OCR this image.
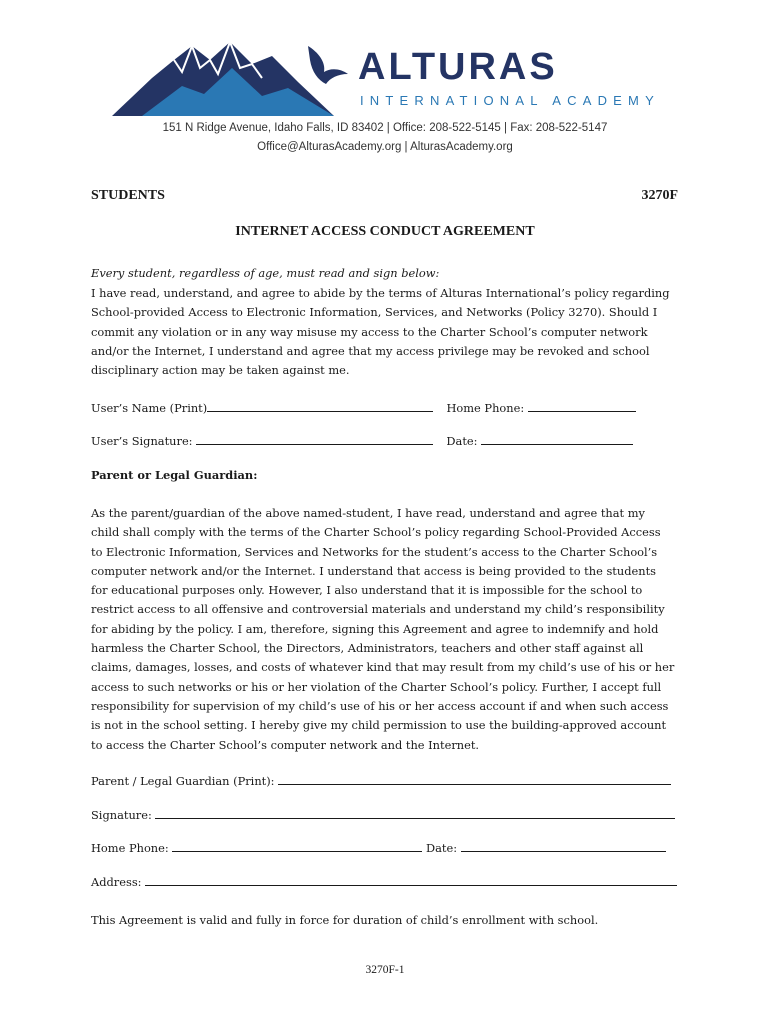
ALTURAS
INTERNATIONAL ACADEMY
151 N Ridge Avenue, Idaho Falls, ID 83402 | Office: 208-522-5145 | Fax: 208-522-5147
Office@AlturasAcademy.org | AlturasAcademy.org
STUDENTS	3270F
INTERNET ACCESS CONDUCT AGREEMENT
Every student, regardless of age, must read and sign below:
I have read, understand, and agree to abide by the terms of Alturas International’s policy regarding
School-provided Access to Electronic Information, Services, and Networks (Policy 3270). Should I
commit any violation or in any way misuse my access to the Charter School’s computer network
and/or the Internet, I understand and agree that my access privilege may be revoked and school
disciplinary action may be taken against me.
User’s Name (Print)	Home Phone:
User’s Signature:	Date:
Parent or Legal Guardian:
As the parent/guardian of the above named-student, I have read, understand and agree that my
child shall comply with the terms of the Charter School’s policy regarding School-Provided Access
to Electronic Information, Services and Networks for the student’s access to the Charter School’s
computer network and/or the Internet. I understand that access is being provided to the students
for educational purposes only. However, I also understand that it is impossible for the school to
restrict access to all offensive and controversial materials and understand my child’s responsibility
for abiding by the policy. I am, therefore, signing this Agreement and agree to indemnify and hold
harmless the Charter School, the Directors, Administrators, teachers and other staff against all
claims, damages, losses, and costs of whatever kind that may result from my child’s use of his or her
access to such networks or his or her violation of the Charter School’s policy. Further, I accept full
responsibility for supervision of my child’s use of his or her access account if and when such access
is not in the school setting. I hereby give my child permission to use the building-approved account
to access the Charter School’s computer network and the Internet.
Parent / Legal Guardian (Print):
Signature:
Home Phone:	Date:
Address:
This Agreement is valid and fully in force for duration of child’s enrollment with school.
3270F-1
